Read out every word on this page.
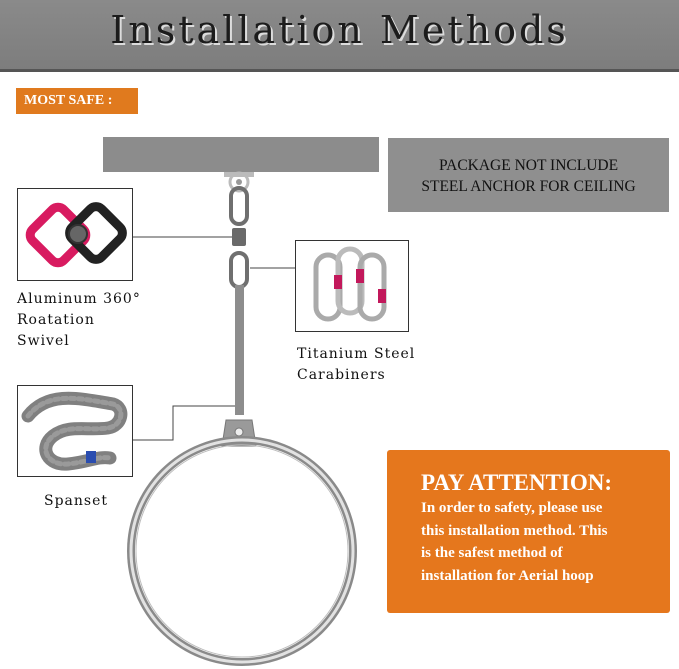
Installation Methods
MOST SAFE :
PACKAGE NOT INCLUDE
STEEL ANCHOR FOR CEILING
Aluminum 360°
Roatation
Swivel
Titanium Steel
Carabiners
Spanset
PAY ATTENTION:
In order to safety, please use
this installation method. This
is the safest method of
installation for Aerial hoop
